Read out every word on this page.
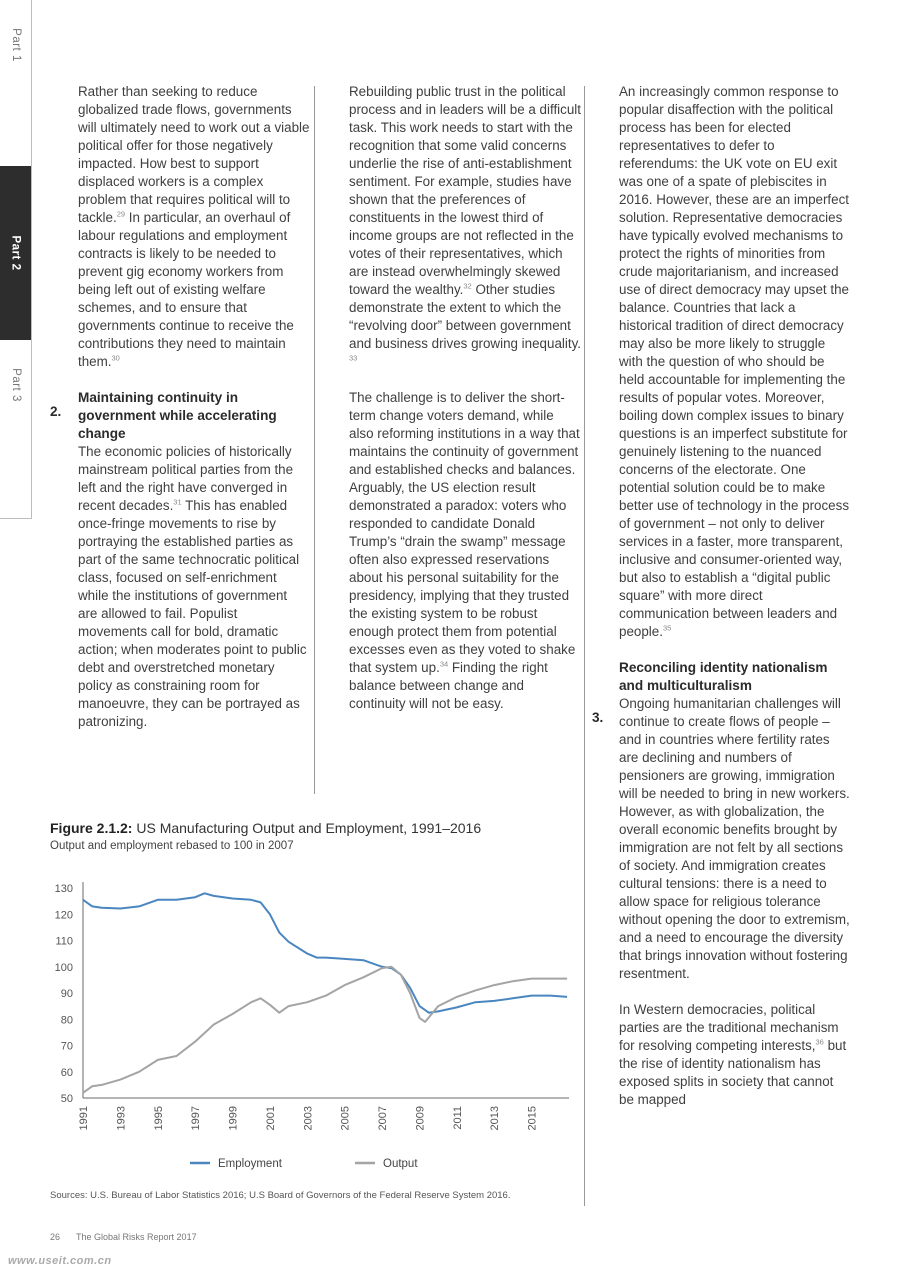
Part 1
Part 2
Part 3

Rather than seeking to reduce globalized trade flows, governments will ultimately need to work out a viable political offer for those negatively impacted. How best to support displaced workers is a complex problem that requires political will to tackle.$^{29}$ In particular, an overhaul of labour regulations and employment contracts is likely to be needed to prevent gig economy workers from being left out of existing welfare schemes, and to ensure that governments continue to receive the contributions they need to maintain them.$^{30}$

Maintaining continuity in government while accelerating change

The economic policies of historically mainstream political parties from the left and the right have converged in recent decades.$^{31}$ This has enabled once-fringe movements to rise by portraying the established parties as part of the same technocratic political class, focused on self-enrichment while the institutions of government are allowed to fail. Populist movements call for bold, dramatic action; when moderates point to public debt and overstretched monetary policy as constraining room for manoeuvre, they can be portrayed as patronizing.

2.

Rebuilding public trust in the political process and in leaders will be a difficult task. This work needs to start with the recognition that some valid concerns underlie the rise of anti-establishment sentiment. For example, studies have shown that the preferences of constituents in the lowest third of income groups are not reflected in the votes of their representatives, which are instead overwhelmingly skewed toward the wealthy.$^{32}$ Other studies demonstrate the extent to which the “revolving door” between government and business drives growing inequality. $^{33}$

The challenge is to deliver the short-term change voters demand, while also reforming institutions in a way that maintains the continuity of government and established checks and balances. Arguably, the US election result demonstrated a paradox: voters who responded to candidate Donald Trump’s “drain the swamp” message often also expressed reservations about his personal suitability for the presidency, implying that they trusted the existing system to be robust enough protect them from potential excesses even as they voted to shake that system up.$^{34}$ Finding the right balance between change and continuity will not be easy.

An increasingly common response to popular disaffection with the political process has been for elected representatives to defer to referendums: the UK vote on EU exit was one of a spate of plebiscites in 2016. However, these are an imperfect solution. Representative democracies have typically evolved mechanisms to protect the rights of minorities from crude majoritarianism, and increased use of direct democracy may upset the balance. Countries that lack a historical tradition of direct democracy may also be more likely to struggle with the question of who should be held accountable for implementing the results of popular votes. Moreover, boiling down complex issues to binary questions is an imperfect substitute for genuinely listening to the nuanced concerns of the electorate. One potential solution could be to make better use of technology in the process of government – not only to deliver services in a faster, more transparent, inclusive and consumer-oriented way, but also to establish a “digital public square” with more direct communication between leaders and people.$^{35}$

Reconciling identity nationalism and multiculturalism

Ongoing humanitarian challenges will continue to create flows of people – and in countries where fertility rates are declining and numbers of pensioners are growing, immigration will be needed to bring in new workers. However, as with globalization, the overall economic benefits brought by immigration are not felt by all sections of society. And immigration creates cultural tensions: there is a need to allow space for religious tolerance without opening the door to extremism, and a need to encourage the diversity that brings innovation without fostering resentment.

In Western democracies, political parties are the traditional mechanism for resolving competing interests,$^{36}$ but the rise of identity nationalism has exposed splits in society that cannot be mapped

3.
Figure 2.1.2: US Manufacturing Output and Employment, 1991–2016
Output and employment rebased to 100 in 2007
50
60
70
80
90
100
110
120
130
1991 1993 1995 1997 1999 2001 2003 2005 2007 2009 2011 2013 2015
Employment	Output
Sources: U.S. Bureau of Labor Statistics 2016; U.S Board of Governors of the Federal Reserve System 2016.
26 The Global Risks Report 2017
www.useit.com.cn
